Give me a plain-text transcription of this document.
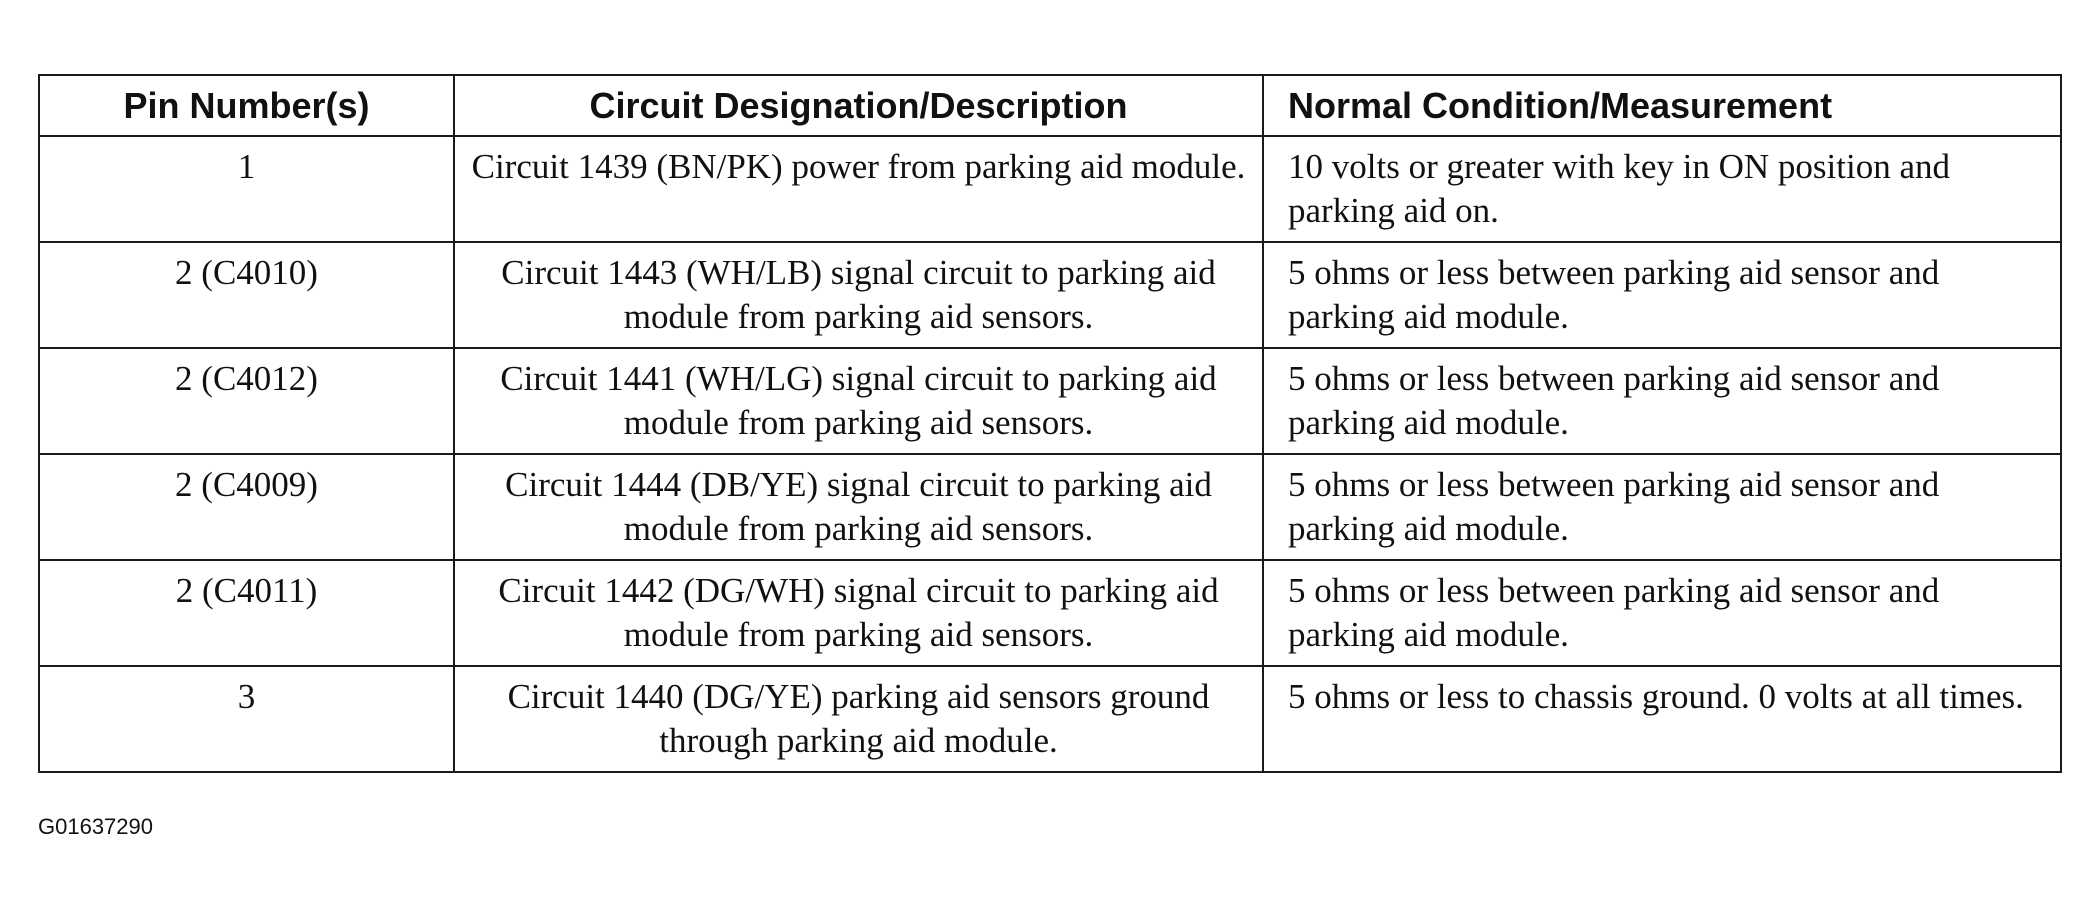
Pin Number(s)	Circuit Designation/Description	Normal Condition/Measurement
1	Circuit 1439 (BN/PK) power from parking aid module.	10 volts or greater with key in ON position and parking aid on.
2 (C4010)	Circuit 1443 (WH/LB) signal circuit to parking aid module from parking aid sensors.	5 ohms or less between parking aid sensor and parking aid module.
2 (C4012)	Circuit 1441 (WH/LG) signal circuit to parking aid module from parking aid sensors.	5 ohms or less between parking aid sensor and parking aid module.
2 (C4009)	Circuit 1444 (DB/YE) signal circuit to parking aid module from parking aid sensors.	5 ohms or less between parking aid sensor and parking aid module.
2 (C4011)	Circuit 1442 (DG/WH) signal circuit to parking aid module from parking aid sensors.	5 ohms or less between parking aid sensor and parking aid module.
3	Circuit 1440 (DG/YE) parking aid sensors ground through parking aid module.	5 ohms or less to chassis ground. 0 volts at all times.
G01637290
